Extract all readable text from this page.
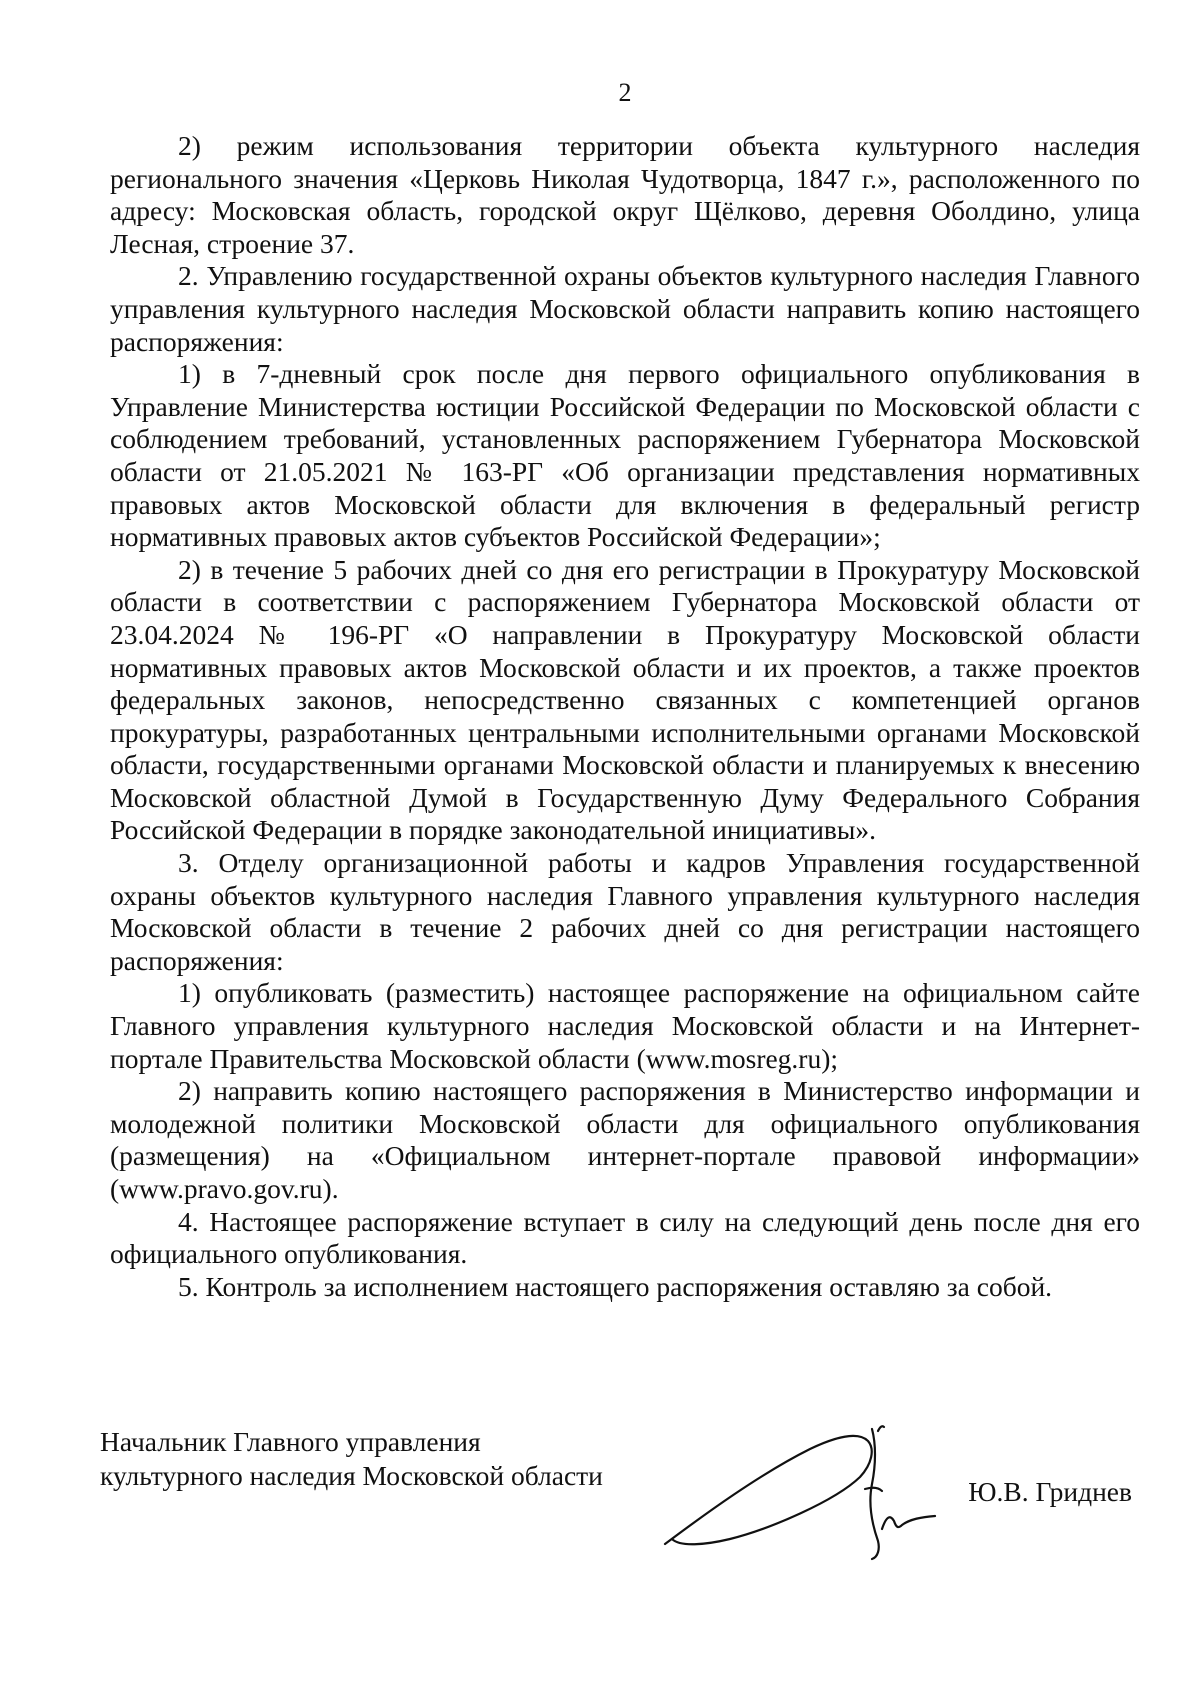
2

2) режим использования территории объекта культурного наследия регионального значения «Церковь Николая Чудотворца, 1847 г.», расположенного по адресу: Московская область, городской округ Щёлково, деревня Оболдино, улица Лесная, строение 37.

2. Управлению государственной охраны объектов культурного наследия Главного управления культурного наследия Московской области направить копию настоящего распоряжения:

1) в 7-дневный срок после дня первого официального опубликования в Управление Министерства юстиции Российской Федерации по Московской области с соблюдением требований, установленных распоряжением Губернатора Московской области от 21.05.2021 № 163-РГ «Об организации представления нормативных правовых актов Московской области для включения в федеральный регистр нормативных правовых актов субъектов Российской Федерации»;

2) в течение 5 рабочих дней со дня его регистрации в Прокуратуру Московской области в соответствии с распоряжением Губернатора Московской области от 23.04.2024 № 196-РГ «О направлении в Прокуратуру Московской области нормативных правовых актов Московской области и их проектов, а также проектов федеральных законов, непосредственно связанных с компетенцией органов прокуратуры, разработанных центральными исполнительными органами Московской области, государственными органами Московской области и планируемых к внесению Московской областной Думой в Государственную Думу Федерального Собрания Российской Федерации в порядке законодательной инициативы».

3. Отделу организационной работы и кадров Управления государственной охраны объектов культурного наследия Главного управления культурного наследия Московской области в течение 2 рабочих дней со дня регистрации настоящего распоряжения:

1) опубликовать (разместить) настоящее распоряжение на официальном сайте Главного управления культурного наследия Московской области и на Интернет-портале Правительства Московской области (www.mosreg.ru);

2) направить копию настоящего распоряжения в Министерство информации и молодежной политики Московской области для официального опубликования (размещения) на «Официальном интернет-портале правовой информации» (www.pravo.gov.ru).

4. Настоящее распоряжение вступает в силу на следующий день после дня его официального опубликования.

5. Контроль за исполнением настоящего распоряжения оставляю за собой.

Начальник Главного управления
культурного наследия Московской области
Ю.В. Гриднев
